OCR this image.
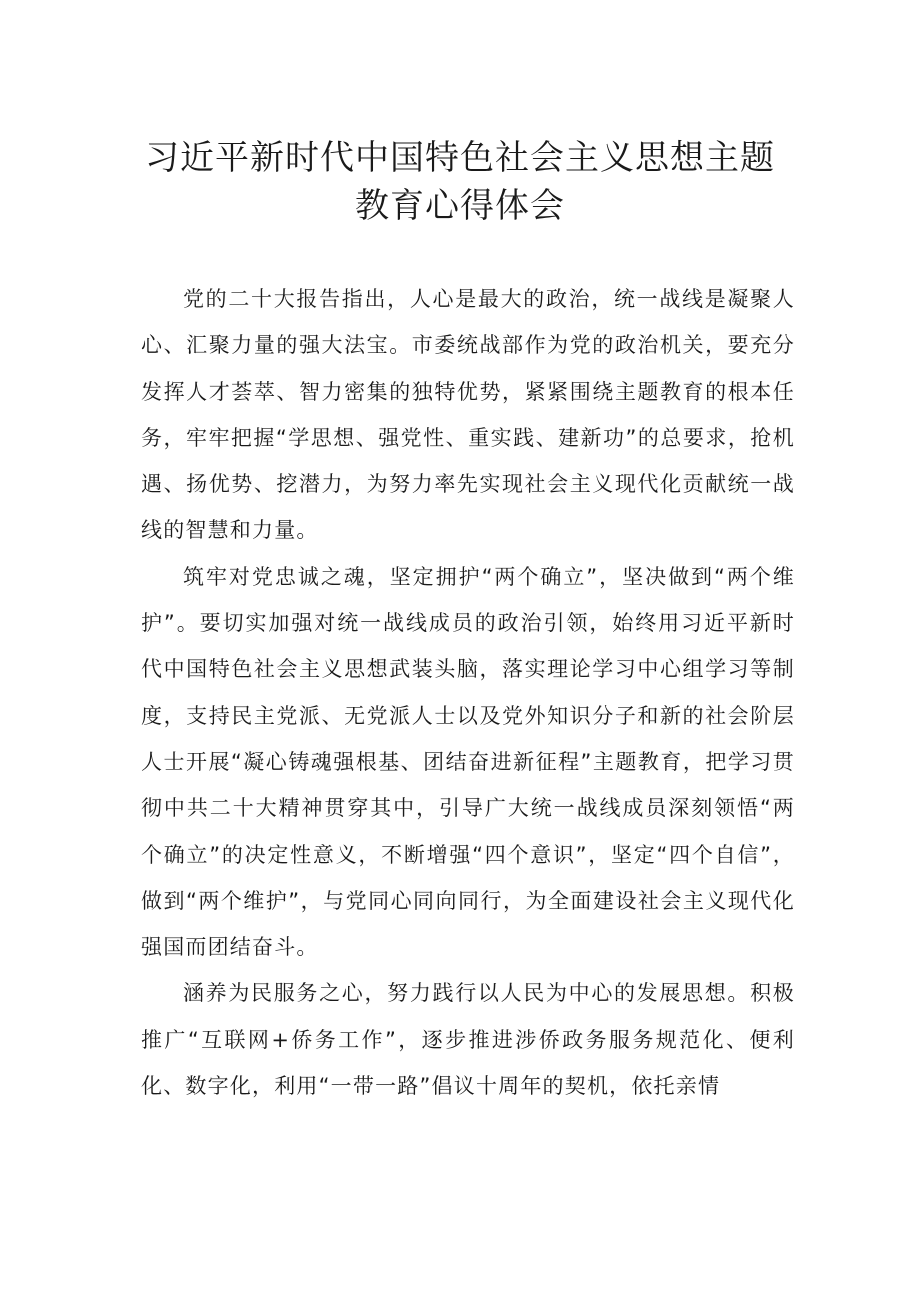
习近平新时代中国特色社会主义思想主题
教育心得体会

党的二十大报告指出，人心是最大的政治，统一战线是凝聚人心、汇聚力量的强大法宝。市委统战部作为党的政治机关，要充分发挥人才荟萃、智力密集的独特优势，紧紧围绕主题教育的根本任务，牢牢把握“学思想、强党性、重实践、建新功”的总要求，抢机遇、扬优势、挖潜力，为努力率先实现社会主义现代化贡献统一战线的智慧和力量。

筑牢对党忠诚之魂，坚定拥护“两个确立”，坚决做到“两个维护”。要切实加强对统一战线成员的政治引领，始终用习近平新时代中国特色社会主义思想武装头脑，落实理论学习中心组学习等制度，支持民主党派、无党派人士以及党外知识分子和新的社会阶层人士开展“凝心铸魂强根基、团结奋进新征程”主题教育，把学习贯彻中共二十大精神贯穿其中，引导广大统一战线成员深刻领悟“两个确立”的决定性意义，不断增强“四个意识”，坚定“四个自信”，做到“两个维护”，与党同心同向同行，为全面建设社会主义现代化强国而团结奋斗。

涵养为民服务之心，努力践行以人民为中心的发展思想。积极推广“互联网+侨务工作”，逐步推进涉侨政务服务规范化、便利化、数字化，利用“一带一路”倡议十周年的契机，依托亲情
